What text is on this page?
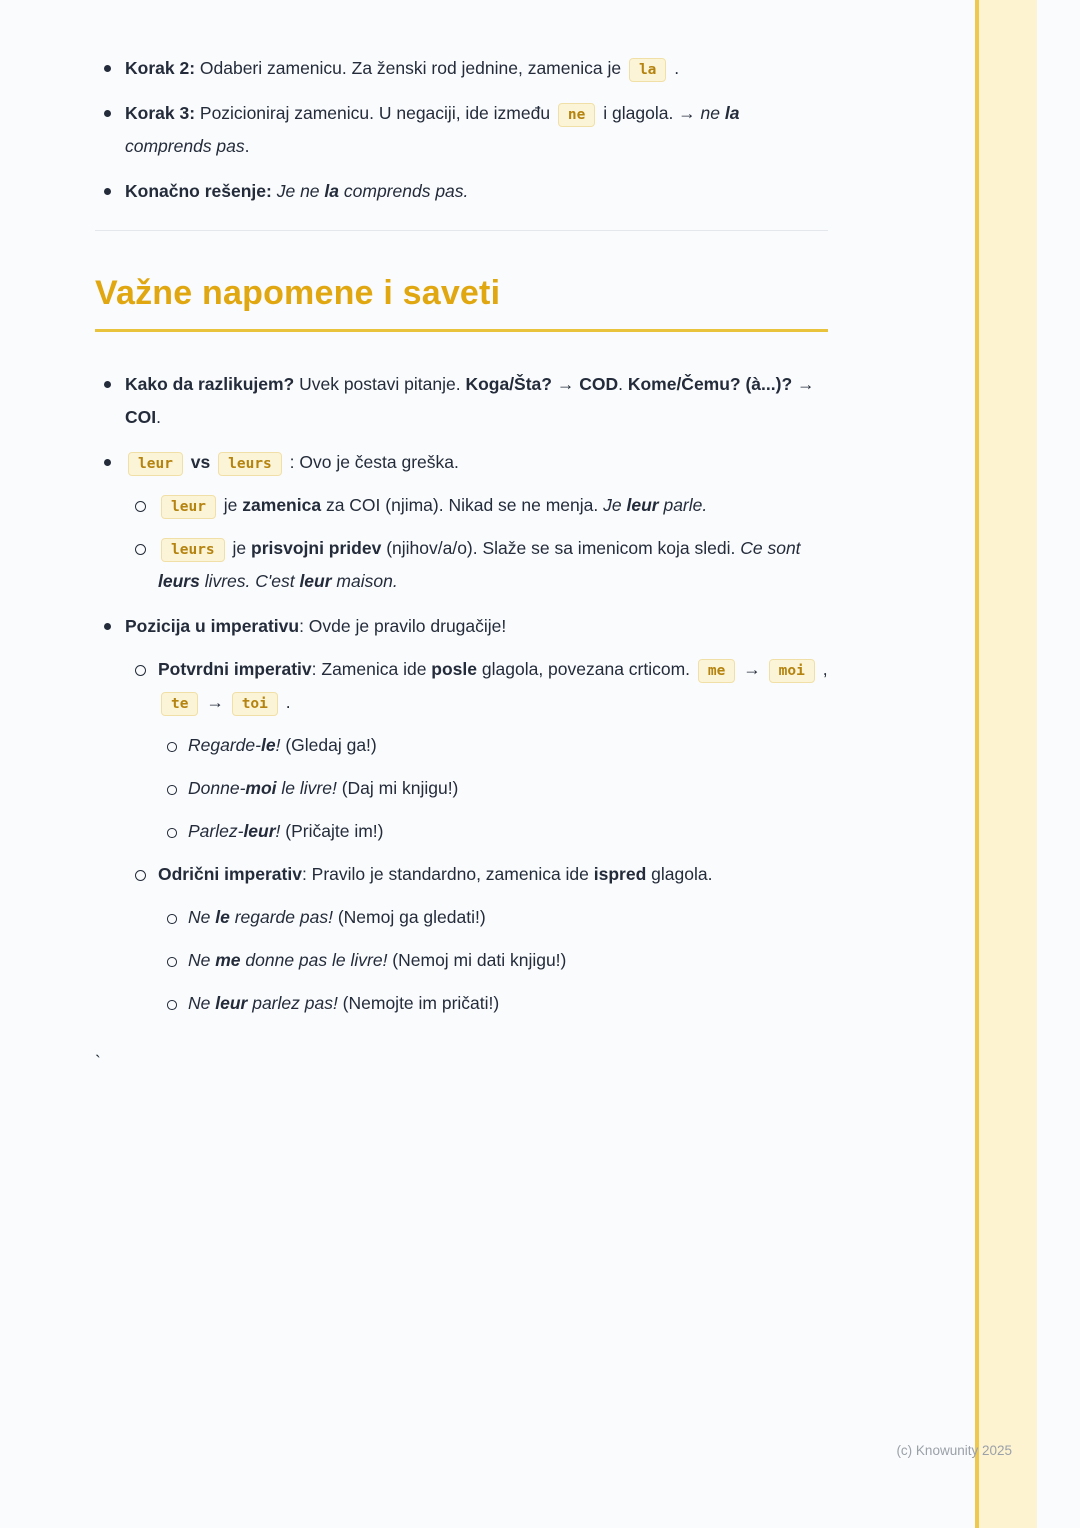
Korak 2: Odaberi zamenicu. Za ženski rod jednine, zamenica je la .
Korak 3: Pozicioniraj zamenicu. U negaciji, ide između ne i glagola. → ne la comprends pas.
Konačno rešenje: Je ne la comprends pas.
Važne napomene i saveti
Kako da razlikujem? Uvek postavi pitanje. Koga/Šta? → COD. Kome/Čemu? (à...)? → COI.
leur vs leurs : Ovo je česta greška.
leur je zamenica za COI (njima). Nikad se ne menja. Je leur parle.
leurs je prisvojni pridev (njihov/a/o). Slaže se sa imenicom koja sledi. Ce sont leurs livres. C'est leur maison.
Pozicija u imperativu: Ovde je pravilo drugačije!
Potvrdni imperativ: Zamenica ide posle glagola, povezana crticom. me → moi , te → toi .
Regarde-le! (Gledaj ga!)
Donne-moi le livre! (Daj mi knjigu!)
Parlez-leur! (Pričajte im!)
Odrični imperativ: Pravilo je standardno, zamenica ide ispred glagola.
Ne le regarde pas! (Nemoj ga gledati!)
Ne me donne pas le livre! (Nemoj mi dati knjigu!)
Ne leur parlez pas! (Nemojte im pričati!)
`
(c) Knowunity 2025
